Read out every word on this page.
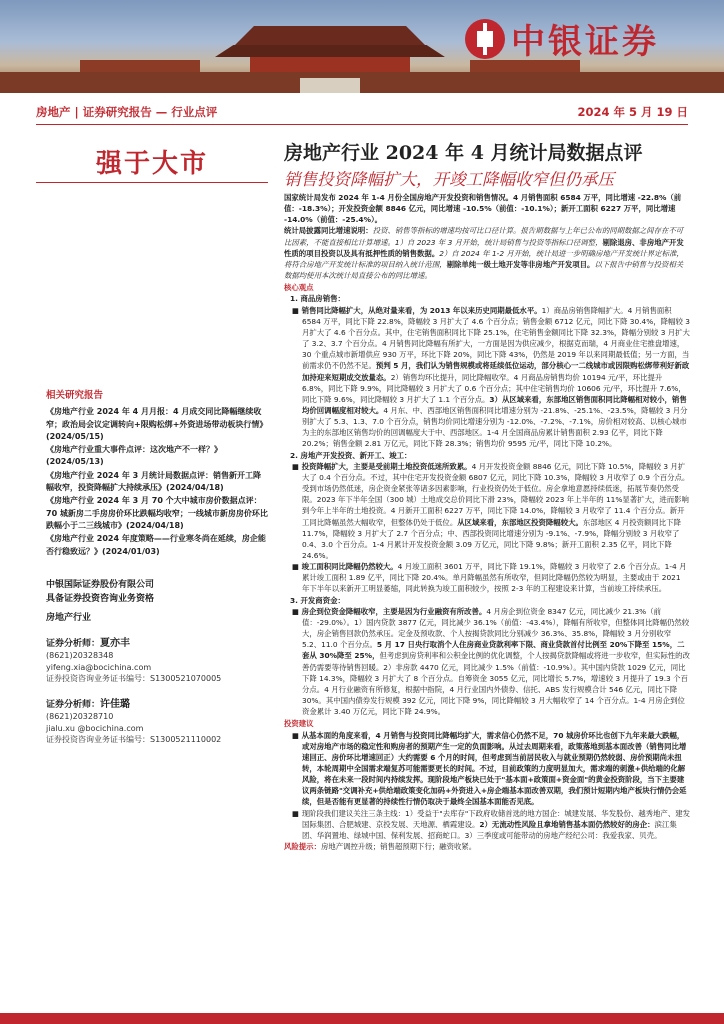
中银证券
房地产 | 证券研究报告 — 行业点评	2024 年 5 月 19 日
强于大市	房地产行业 2024 年 4 月统计局数据点评
销售投资降幅扩大，开竣工降幅收窄但仍承压

国家统计局发布 2024 年 1-4 月份全国房地产开发投资和销售情况。4 月销售面积 6584 万平，同比增速 -22.8%（前值：-18.3%）；开发投资金额 8846 亿元，同比增速 -10.5%（前值：-10.1%）；新开工面积 6227 万平，同比增速 -14.0%（前值：-25.4%）。

统计局披露同比增速说明：投资、销售等指标的增速均按可比口径计算。报告期数据与上年已公布的同期数据之间存在不可比因素，不能直接相比计算增速。1）自 2023 年 3 月开始，统计局销售与投资等指标口径调整，剔除退房、非房地产开发性质的项目投资以及具有抵押性质的销售数据。2）自 2024 年 1-2 月开始，统计局进一步明确房地产开发统计界定标准，将符合房地产开发统计标准的项目纳入统计范围，剔除单纯一级土地开发等非房地产开发项目。以下报告中销售与投资相关数据均使用本次统计局直接公布的同比增速。

核心观点

1. 商品房销售：

■ 销售同比降幅扩大，从绝对量来看，为 2013 年以来历史同期最低水平。1）商品房销售降幅扩大。4 月销售面积 6584 万平，同比下降 22.8%，降幅较 3 月扩大了 4.6 个百分点；销售金额 6712 亿元，同比下降 30.4%，降幅较 3 月扩大了 4.6 个百分点。其中，住宅销售面积同比下降 25.1%，住宅销售金额同比下降 32.3%，降幅分别较 3 月扩大了 3.2、3.7 个百分点。4 月销售同比降幅有所扩大，一方面是因为供应减少，根据克而瑞，4 月商业住宅推盘增速，30 个重点城市新增供应 930 万平，环比下降 20%，同比下降 43%，仍然是 2019 年以来同期最低值；另一方面，当前需求仍不仍然不足。预判 5 月，我们认为销售规模或将延续低位运动，部分核心一二线城市或因限购松绑带利好新政加持迎来短期成交放量态。2）销售均环比提升，同比降幅收窄。4 月商品房销售均价 10194 元/平，环比提升 6.8%，同比下降 9.9%，同比降幅较 3 月扩大了 0.6 个百分点；其中住宅销售均价 10606 元/平，环比提升 7.6%，同比下降 9.6%，同比降幅较 3 月扩大了 1.1 个百分点。3）从区域来看，东部地区销售面积同比降幅相对较小，销售均价回调幅度相对较大。4 月东、中、西部地区销售面积同比增速分别为 -21.8%、-25.1%、-23.5%，降幅较 3 月分别扩大了 5.3、1.3、7.0 个百分点，销售均价同比增速分别为 -12.0%、-7.2%、-7.1%，房价相对较高、以核心城市为主的东部地区销售均价的回调幅度大于中、西部地区。1-4 月全国商品房累计销售面积 2.93 亿平，同比下降 20.2%；销售金额 2.81 万亿元，同比下降 28.3%；销售均价 9595 元/平，同比下降 10.2%。

2. 房地产开发投资、新开工、竣工：

■ 投资降幅扩大，主要是受前期土地投资低迷所致累。4 月开发投资金额 8846 亿元，同比下降 10.5%，降幅较 3 月扩大了 0.4 个百分点。不过，其中住宅开发投资金额 6807 亿元，同比下降 10.3%，降幅较 3 月收窄了 0.9 个百分点。受到市场仍然低迷，房企资金紧张等诸多因素影响，行业投资仍处于低位。房企拿地意愿持续低迷，拓展节奏仍然受限。2023 年下半年全国（300 城）土地成交总价同比下滑 23%，降幅较 2023 年上半年的 11%显著扩大，进而影响到今年上半年的土地投资。4 月新开工面积 6227 万平，同比下降 14.0%，降幅较 3 月收窄了 11.4 个百分点。新开工同比降幅虽然大幅收窄，但整体仍处于低位。从区域来看，东部地区投资降幅较大。东部地区 4 月投资额同比下降 11.7%，降幅较 3 月扩大了 2.7 个百分点；中、西部投资同比增速分别为 -9.1%、-7.9%，降幅分别较 3 月收窄了 0.4、3.0 个百分点。1-4 月累计开发投资金额 3.09 万亿元，同比下降 9.8%；新开工面积 2.35 亿平，同比下降 24.6%。

■ 竣工面积同比降幅仍然较大。4 月竣工面积 3601 万平，同比下降 19.1%，降幅较 3 月收窄了 2.6 个百分点。1-4 月累计竣工面积 1.89 亿平，同比下降 20.4%。单月降幅虽然有所收窄，但同比降幅仍然较为明显，主要或由于 2021 年下半年以来新开工明显萎缩，同此转换为竣工面积较少，按照 2-3 年的工程建设来计算，当前竣工持续承压。

3. 开发商资金：

■ 房企到位资金降幅收窄，主要是因为行业融资有所改善。4 月房企到位资金 8347 亿元，同比减少 21.3%（前值：-29.0%）。1）国内贷款 3877 亿元，同比减少 36.1%（前值：-43.4%），降幅有所收窄，但整体同比降幅仍然较大，房企销售回款仍然承压。定金及预收款、个人按揭贷款同比分别减少 36.3%、35.8%，降幅较 3 月分别收窄 5.2、11.0 个百分点。5 月 17 日央行取消个人住房商业贷款利率下限、商业贷款首付比例至 20%下降至 15%，二套从 30%降至 25%，但考虑到房贷利率和公积金比例的优化调整，个人按揭贷款降幅或将进一步收窄，但实际性的改善仍需要等待销售回暖。2）非房款 4470 亿元，同比减少 1.5%（前值：-10.9%）。其中国内贷款 1029 亿元，同比下降 14.3%，降幅较 3 月扩大了 8 个百分点。自筹资金 3055 亿元，同比增长 5.7%，增速较 3 月提升了 19.3 个百分点。4 月行业融资有所修复，根据中指院，4 月行业国内外债券、信托、ABS 发行规模合计 546 亿元，同比下降 30%。其中国内债券发行规模 392 亿元，同比下降 9%，同比降幅较 3 月大幅收窄了 14 个百分点。1-4 月房企到位资金累计 3.40 万亿元，同比下降 24.9%。

投资建议

■ 从基本面的角度来看，4 月销售与投资同比降幅均扩大，需求信心仍然不足，70 城房价环比也创下九年来最大跌幅，或对房地产市场的稳定性和购房者的预期产生一定的负面影响。从过去周期来看，政策落地到基本面改善（销售同比增速回正、房价环比增速回正）大约需要 6 个月的时间，但考虑到当前居民收入与就业预期仍然较弱、房价预期尚未扭转，本轮周期中全国需求端复苏可能需要更长的时间。不过，目前政策的力度明显加大，需求端的刺激+供给端的化解风险，将在未来一段时间内持续发挥。现阶段地产板块已处于"基本面+政策面+资金面"的黄金投资阶段，当下主要建议两条链路"交调补充+供给端政策变化加码+外资进入+房企端基本面改善双期，我们预计短期内地产板块行情仍会延续，但是否能有更显著的持续性行情仍取决于最终全国基本面能否见底。

■ 现阶段我们建议关注三条主线：1）受益于"去库存"下政府收储首选的地方国企：城建发展、华发股份、越秀地产、建发国际集团、合肥城建、京投发展、天地源、栖霞建设。2）无流动性风险且拿地销售基本面仍然较好的房企：滨江集团、华润置地、绿城中国、保利发展、招商蛇口。3）三季度或可能带动的房地产经纪公司：我爱我家、贝壳。

风险提示：房地产调控升级；销售超预期下行；融资收紧。

相关研究报告

《房地产行业 2024 年 4 月月报：4 月成交同比降幅继续收窄；政治局会议定调转向+限购松绑+外资进场带动板块行情》(2024/05/15)

《房地产行业重大事件点评：这次地产不一样？》(2024/05/13)

《房地产行业 2024 年 3 月统计局数据点评：销售新开工降幅收窄，投资降幅扩大持续承压》(2024/04/18)

《房地产行业 2024 年 3 月 70 个大中城市房价数据点评：70 城新房二手房房价环比跌幅均收窄；一线城市新房房价环比跌幅小于二三线城市》(2024/04/18)

《房地产行业 2024 年度策略——行业寒冬尚在延续，房企能否行稳致远？》(2024/01/03)

中银国际证券股份有限公司
具备证券投资咨询业务资格
房地产行业
证券分析师：夏亦丰
(8621)20328348
yifeng.xia@bocichina.com
证券投资咨询业务证书编号：S1300521070005
证券分析师：许佳璐
(8621)20328710
jialu.xu @bocichina.com
证券投资咨询业务证书编号：S1300521110002
